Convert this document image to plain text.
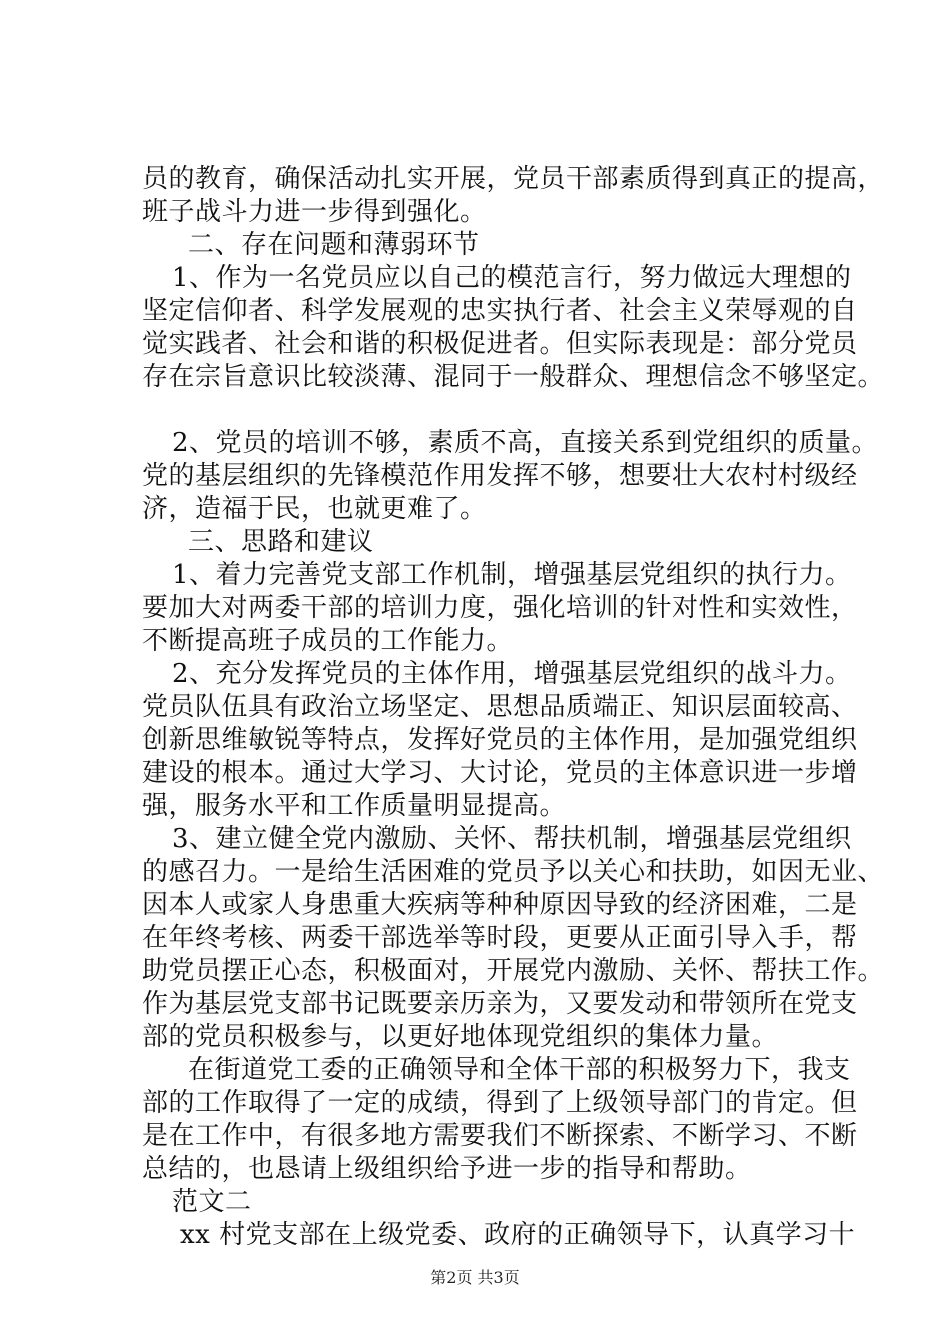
员的教育，确保活动扎实开展，党员干部素质得到真正的提高，
班子战斗力进一步得到强化。
二、存在问题和薄弱环节
1、作为一名党员应以自己的模范言行，努力做远大理想的
坚定信仰者、科学发展观的忠实执行者、社会主义荣辱观的自
觉实践者、社会和谐的积极促进者。但实际表现是：部分党员
存在宗旨意识比较淡薄、混同于一般群众、理想信念不够坚定。
2、党员的培训不够，素质不高，直接关系到党组织的质量。
党的基层组织的先锋模范作用发挥不够，想要壮大农村村级经
济，造福于民，也就更难了。
三、思路和建议
1、着力完善党支部工作机制，增强基层党组织的执行力。
要加大对两委干部的培训力度，强化培训的针对性和实效性，
不断提高班子成员的工作能力。
2、充分发挥党员的主体作用，增强基层党组织的战斗力。
党员队伍具有政治立场坚定、思想品质端正、知识层面较高、
创新思维敏锐等特点，发挥好党员的主体作用，是加强党组织
建设的根本。通过大学习、大讨论，党员的主体意识进一步增
强，服务水平和工作质量明显提高。
3、建立健全党内激励、关怀、帮扶机制，增强基层党组织
的感召力。一是给生活困难的党员予以关心和扶助，如因无业、
因本人或家人身患重大疾病等种种原因导致的经济困难，二是
在年终考核、两委干部选举等时段，更要从正面引导入手，帮
助党员摆正心态，积极面对，开展党内激励、关怀、帮扶工作。
作为基层党支部书记既要亲历亲为，又要发动和带领所在党支
部的党员积极参与，以更好地体现党组织的集体力量。
在街道党工委的正确领导和全体干部的积极努力下，我支
部的工作取得了一定的成绩，得到了上级领导部门的肯定。但
是在工作中，有很多地方需要我们不断探索、不断学习、不断
总结的，也恳请上级组织给予进一步的指导和帮助。
范文二
xx 村党支部在上级党委、政府的正确领导下，认真学习十
第2页 共3页
